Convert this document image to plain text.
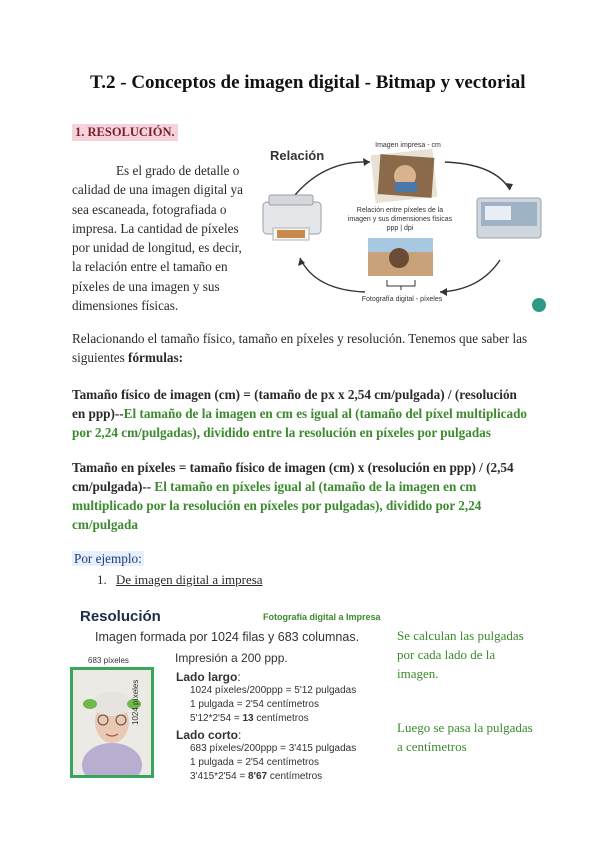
T.2 - Conceptos de imagen digital - Bitmap y vectorial
1. RESOLUCIÓN.

Es el grado de detalle o calidad de una imagen digital ya sea escaneada, fotografiada o impresa. La cantidad de píxeles por unidad de longitud, es decir, la relación entre el tamaño en píxeles de una imagen y sus dimensiones físicas.

Relación
Imagen impresa - cm
Relación entre píxeles de la
imagen y sus dimensiones físicas
ppp | dpi
Fotografía digital - píxeles
Relacionando el tamaño físico, tamaño en píxeles y resolución. Tenemos que saber las siguientes fórmulas:
Tamaño físico de imagen (cm) = (tamaño de px x 2,54 cm/pulgada) / (resolución en ppp)--El tamaño de la imagen en cm es igual al (tamaño del píxel multiplicado por 2,24 cm/pulgadas), dividido entre la resolución en píxeles por pulgadas
Tamaño en píxeles = tamaño físico de imagen (cm) x (resolución en ppp) / (2,54 cm/pulgada)-- El tamaño en píxeles igual al (tamaño de la imagen en cm multiplicado por la resolución en píxeles por pulgadas), dividido por 2,24 cm/pulgada
Por ejemplo:
1. De imagen digital a impresa
Resolución	Fotografía digital a Impresa
Imagen formada por 1024 filas y 683 columnas.
Impresión a 200 ppp.
683 píxeles
1024 píxeles
Lado largo:
1024 píxeles/200ppp = 5'12 pulgadas
1 pulgada = 2'54 centímetros
5'12*2'54 = 13 centímetros
Lado corto:
683 píxeles/200ppp = 3'415 pulgadas
1 pulgada = 2'54 centímetros
3'415*2'54 = 8'67 centímetros
Se calculan las pulgadas por cada lado de la imagen.
Luego se pasa la pulgadas a centímetros
